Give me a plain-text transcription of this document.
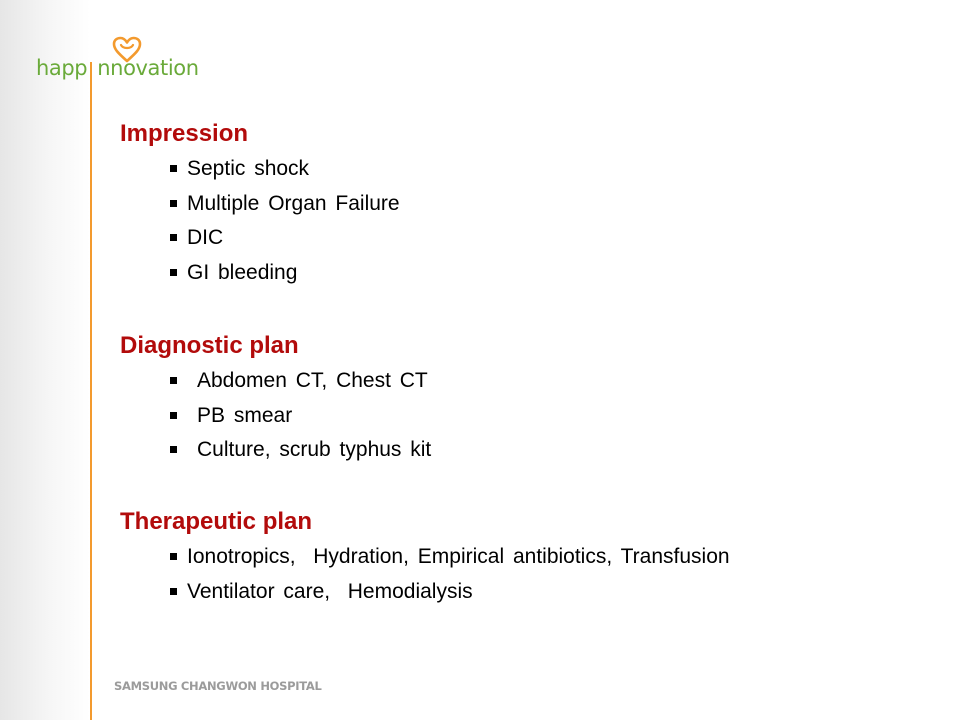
happ nnovation
Impression
Septic shock
Multiple Organ Failure
DIC
GI bleeding
Diagnostic plan
Abdomen CT, Chest CT
PB smear
Culture, scrub typhus kit
Therapeutic plan
Ionotropics,  Hydration, Empirical antibiotics, Transfusion
Ventilator care,  Hemodialysis
SAMSUNG CHANGWON HOSPITAL
